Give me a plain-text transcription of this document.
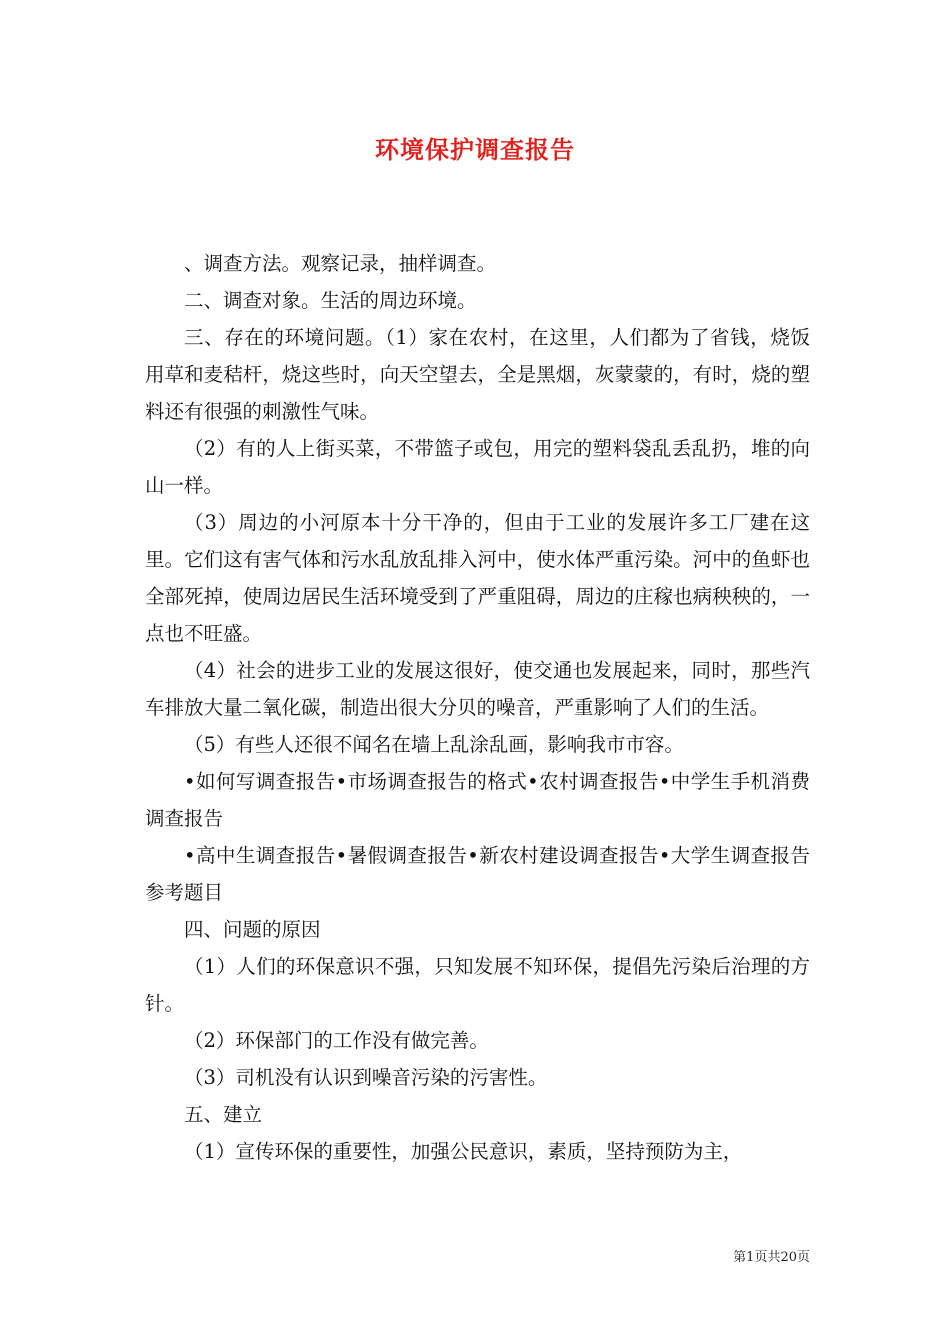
环境保护调查报告

、调查方法。观察记录，抽样调查。

二、调查对象。生活的周边环境。

三、存在的环境问题。（1）家在农村，在这里，人们都为了省钱，烧饭用草和麦秸杆，烧这些时，向天空望去，全是黑烟，灰蒙蒙的，有时，烧的塑料还有很强的刺激性气味。

（2）有的人上街买菜，不带篮子或包，用完的塑料袋乱丢乱扔，堆的向山一样。

（3）周边的小河原本十分干净的，但由于工业的发展许多工厂建在这里。它们这有害气体和污水乱放乱排入河中，使水体严重污染。河中的鱼虾也全部死掉，使周边居民生活环境受到了严重阻碍，周边的庄稼也病秧秧的，一点也不旺盛。

（4）社会的进步工业的发展这很好，使交通也发展起来，同时，那些汽车排放大量二氧化碳，制造出很大分贝的噪音，严重影响了人们的生活。

（5）有些人还很不闻名在墙上乱涂乱画，影响我市市容。

•如何写调查报告•市场调查报告的格式•农村调查报告•中学生手机消费调查报告

•高中生调查报告•暑假调查报告•新农村建设调查报告•大学生调查报告参考题目

四、问题的原因

（1）人们的环保意识不强，只知发展不知环保，提倡先污染后治理的方针。

（2）环保部门的工作没有做完善。

（3）司机没有认识到噪音污染的污害性。

五、建立

（1）宣传环保的重要性，加强公民意识，素质，坚持预防为主，

第1页共20页
